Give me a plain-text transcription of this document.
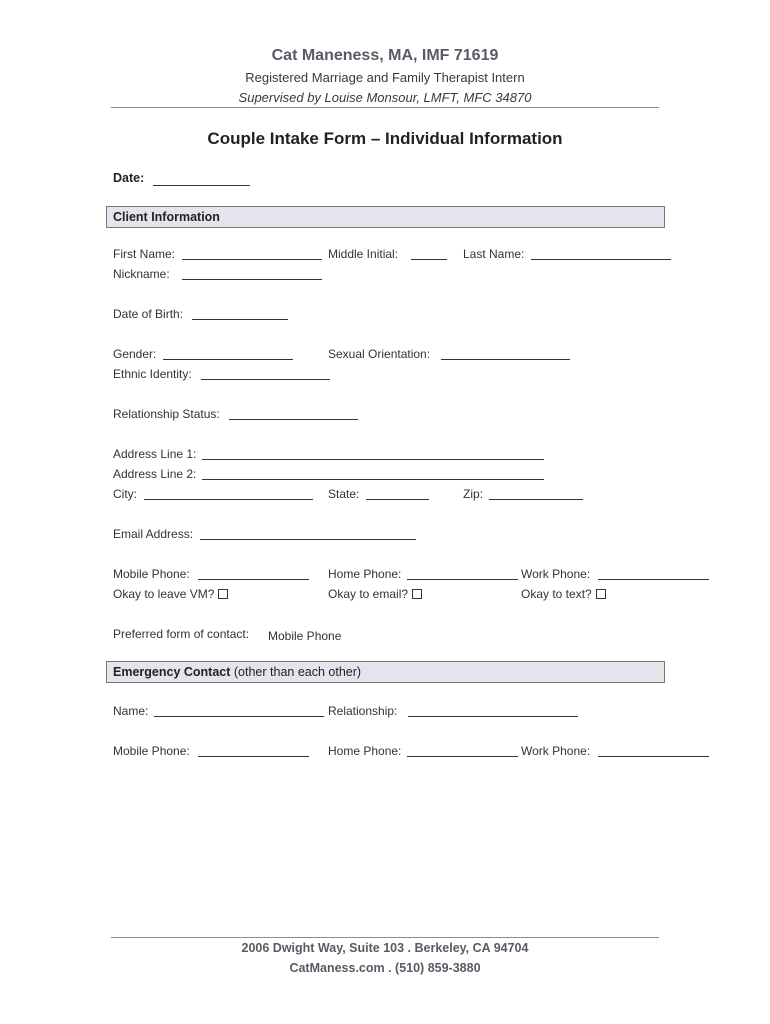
Cat Maneness, MA, IMF 71619
Registered Marriage and Family Therapist Intern
Supervised by Louise Monsour, LMFT, MFC 34870
Couple Intake Form – Individual Information
Date:
Client Information
First Name:	Middle Initial:	Last Name:
Nickname:
Date of Birth:
Gender:	Sexual Orientation:
Ethnic Identity:
Relationship Status:
Address Line 1:
Address Line 2:
City:	State:	Zip:
Email Address:
Mobile Phone:	Home Phone:	Work Phone:
Okay to leave VM?	Okay to email?	Okay to text?
Preferred form of contact: Mobile Phone
Emergency Contact (other than each other)
Name:	Relationship:
Mobile Phone:	Home Phone:	Work Phone:
2006 Dwight Way, Suite 103 . Berkeley, CA 94704
CatManess.com . (510) 859-3880
